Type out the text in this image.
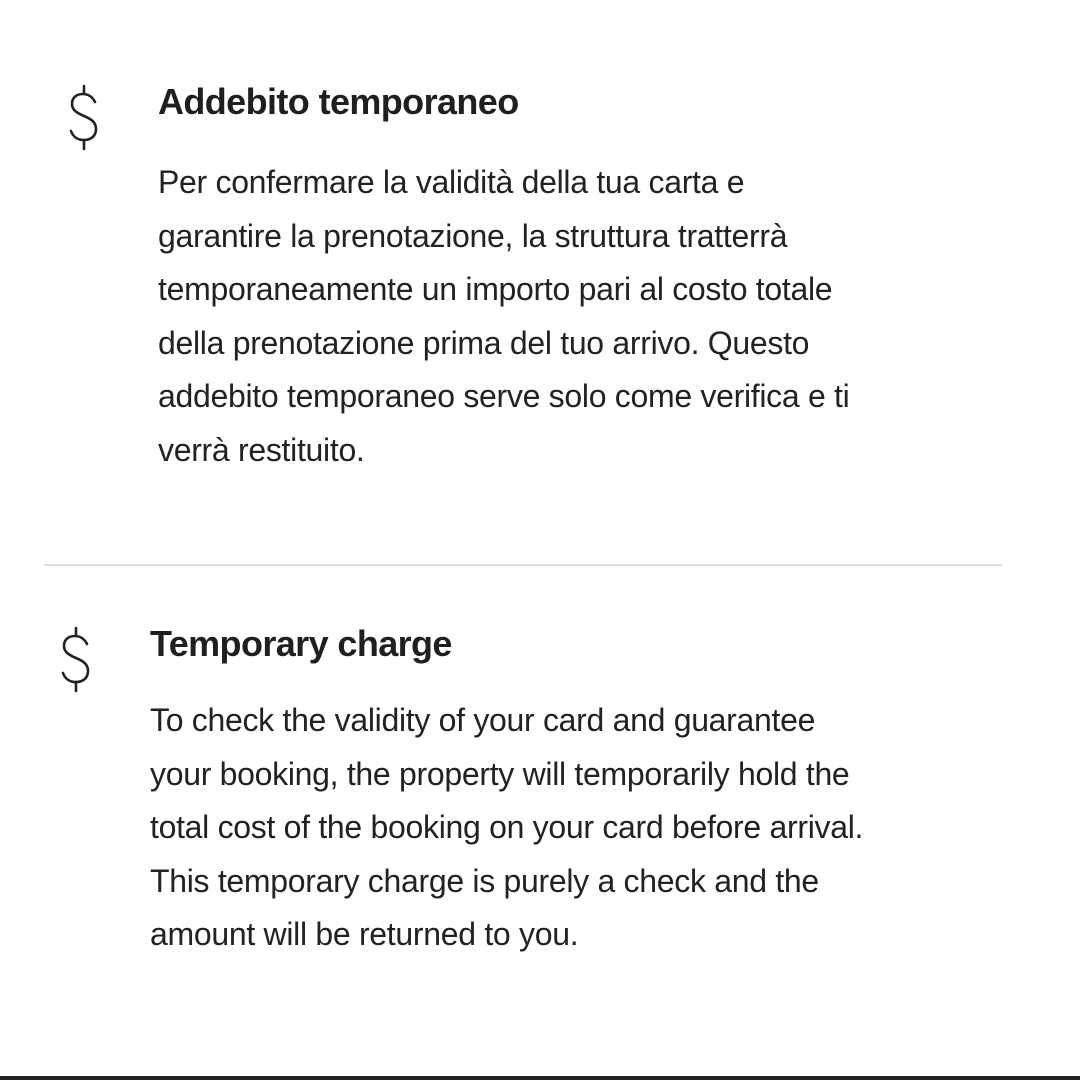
Addebito temporaneo
Per confermare la validità della tua carta e
garantire la prenotazione, la struttura tratterrà
temporaneamente un importo pari al costo totale
della prenotazione prima del tuo arrivo. Questo
addebito temporaneo serve solo come verifica e ti
verrà restituito.
Temporary charge
To check the validity of your card and guarantee
your booking, the property will temporarily hold the
total cost of the booking on your card before arrival.
This temporary charge is purely a check and the
amount will be returned to you.
